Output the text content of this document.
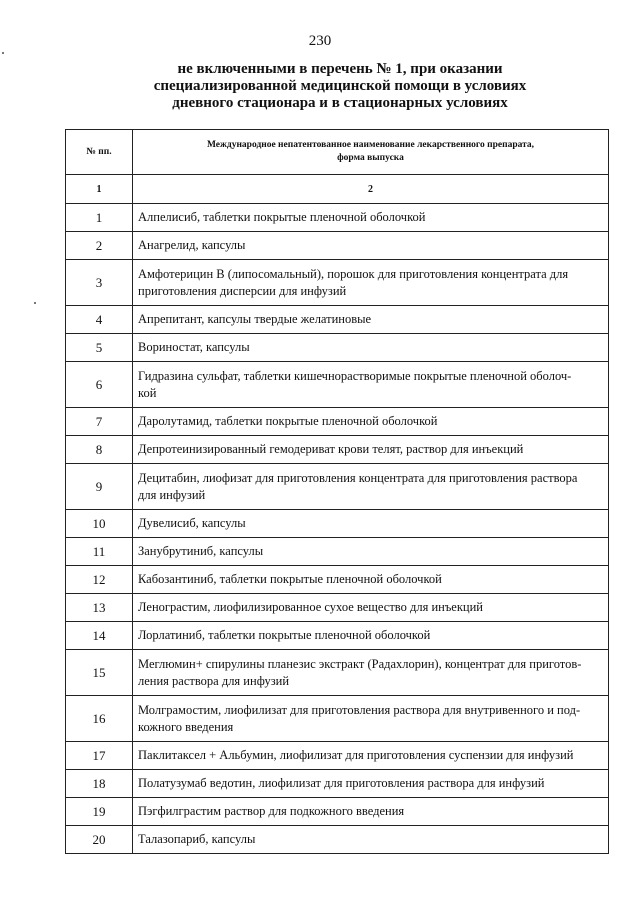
230
не включенными в перечень № 1, при оказании
специализированной медицинской помощи в условиях
дневного стационара и в стационарных условиях
№ пп.	Международное непатентованное наименование лекарственного препарата,
форма выпуска

1	2
1	Алпелисиб, таблетки покрытые пленочной оболочкой

2	Анагрелид, капсулы

3	Амфотерицин В (липосомальный), порошок для приготовления концентрата для
приготовления дисперсии для инфузий

4	Апрепитант, капсулы твердые желатиновые

5	Вориностат, капсулы

6	Гидразина сульфат, таблетки кишечнорастворимые покрытые пленочной оболоч-
кой

7	Даролутамид, таблетки покрытые пленочной оболочкой

8	Депротеинизированный гемодериват крови телят, раствор для инъекций

9	Децитабин, лиофизат для приготовления концентрата для приготовления раствора
для инфузий

10	Дувелисиб, капсулы

11	Занубрутиниб, капсулы

12	Кабозантиниб, таблетки покрытые пленочной оболочкой

13	Ленограстим, лиофилизированное сухое вещество для инъекций

14	Лорлатиниб, таблетки покрытые пленочной оболочкой

15	Меглюмин+ спирулины планезис экстракт (Радахлорин), концентрат для приготов-
ления раствора для инфузий

16	Молграмостим, лиофилизат для приготовления раствора для внутривенного и под-
кожного введения

17	Паклитаксел + Альбумин, лиофилизат для приготовления суспензии для инфузий

18	Полатузумаб ведотин, лиофилизат для приготовления раствора для инфузий

19	Пэгфилграстим раствор для подкожного введения

20	Талазопариб, капсулы
